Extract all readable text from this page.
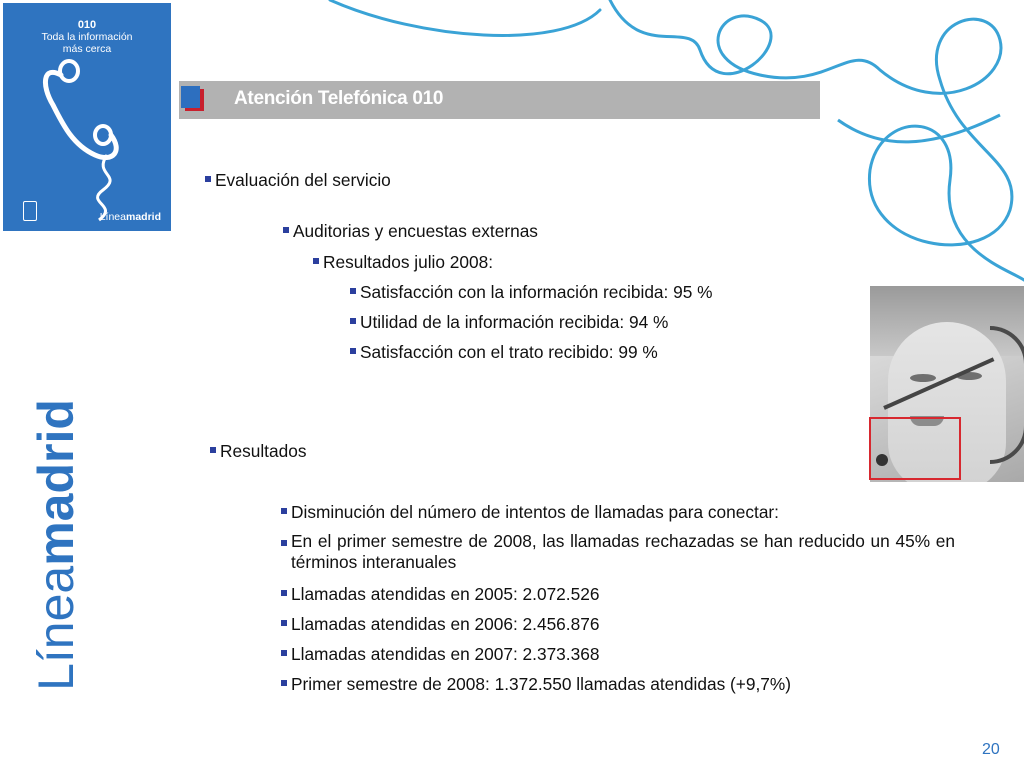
010
Toda la información
más cerca
Líneamadrid
Atención Telefónica 010
Líneamadrid
Evaluación del servicio
Auditorias y encuestas externas
Resultados julio 2008:
Satisfacción con la información recibida: 95 %
Utilidad de la información recibida: 94 %
Satisfacción con el trato recibido: 99 %
Resultados
Disminución del número de intentos de llamadas para conectar:
En el primer semestre de 2008, las llamadas rechazadas se han reducido un 45% en términos interanuales
Llamadas atendidas en 2005: 2.072.526
Llamadas atendidas en 2006: 2.456.876
Llamadas atendidas en 2007: 2.373.368
Primer semestre de 2008: 1.372.550 llamadas atendidas (+9,7%)
20
